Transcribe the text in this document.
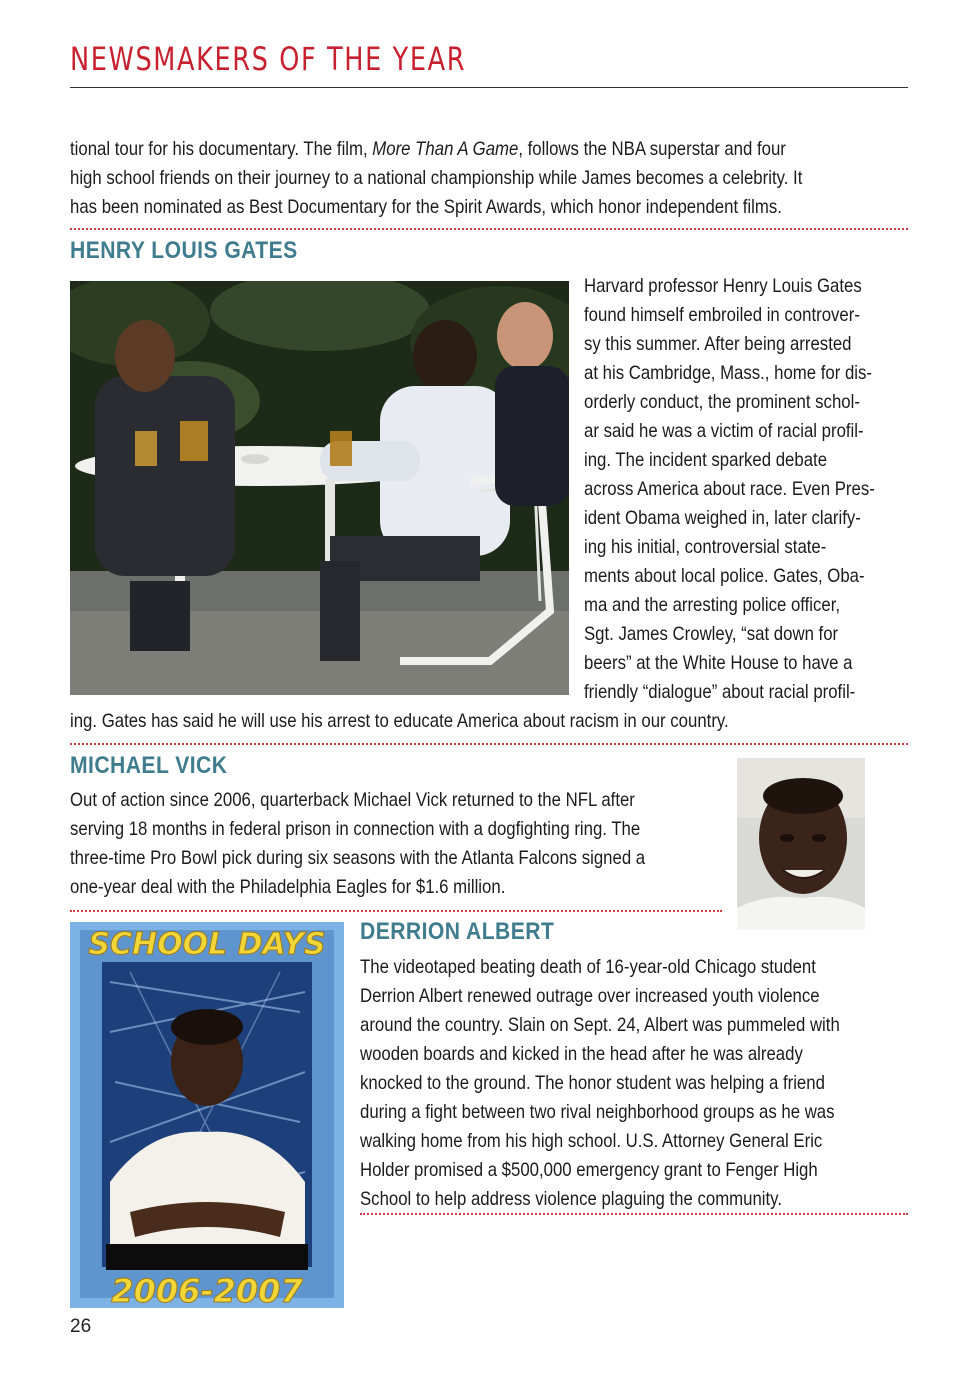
NEWSMAKERS OF THE YEAR
tional tour for his documentary. The film, More Than A Game, follows the NBA superstar and four
high school friends on their journey to a national championship while James becomes a celebrity. It
has been nominated as Best Documentary for the Spirit Awards, which honor independent films.
HENRY LOUIS GATES
Harvard professor Henry Louis Gates
found himself embroiled in controver-
sy this summer. After being arrested
at his Cambridge, Mass., home for dis-
orderly conduct, the prominent schol-
ar said he was a victim of racial profil-
ing. The incident sparked debate
across America about race. Even Pres-
ident Obama weighed in, later clarify-
ing his initial, controversial state-
ments about local police. Gates, Oba-
ma and the arresting police officer,
Sgt. James Crowley, “sat down for
beers” at the White House to have a
friendly “dialogue” about racial profil-
ing. Gates has said he will use his arrest to educate America about racism in our country.
MICHAEL VICK
Out of action since 2006, quarterback Michael Vick returned to the NFL after
serving 18 months in federal prison in connection with a dogfighting ring. The
three-time Pro Bowl pick during six seasons with the Atlanta Falcons signed a
one-year deal with the Philadelphia Eagles for $1.6 million.
SCHOOL DAYS
2006-2007
DERRION ALBERT
The videotaped beating death of 16-year-old Chicago student
Derrion Albert renewed outrage over increased youth violence
around the country. Slain on Sept. 24, Albert was pummeled with
wooden boards and kicked in the head after he was already
knocked to the ground. The honor student was helping a friend
during a fight between two rival neighborhood groups as he was
walking home from his high school. U.S. Attorney General Eric
Holder promised a $500,000 emergency grant to Fenger High
School to help address violence plaguing the community.
26
